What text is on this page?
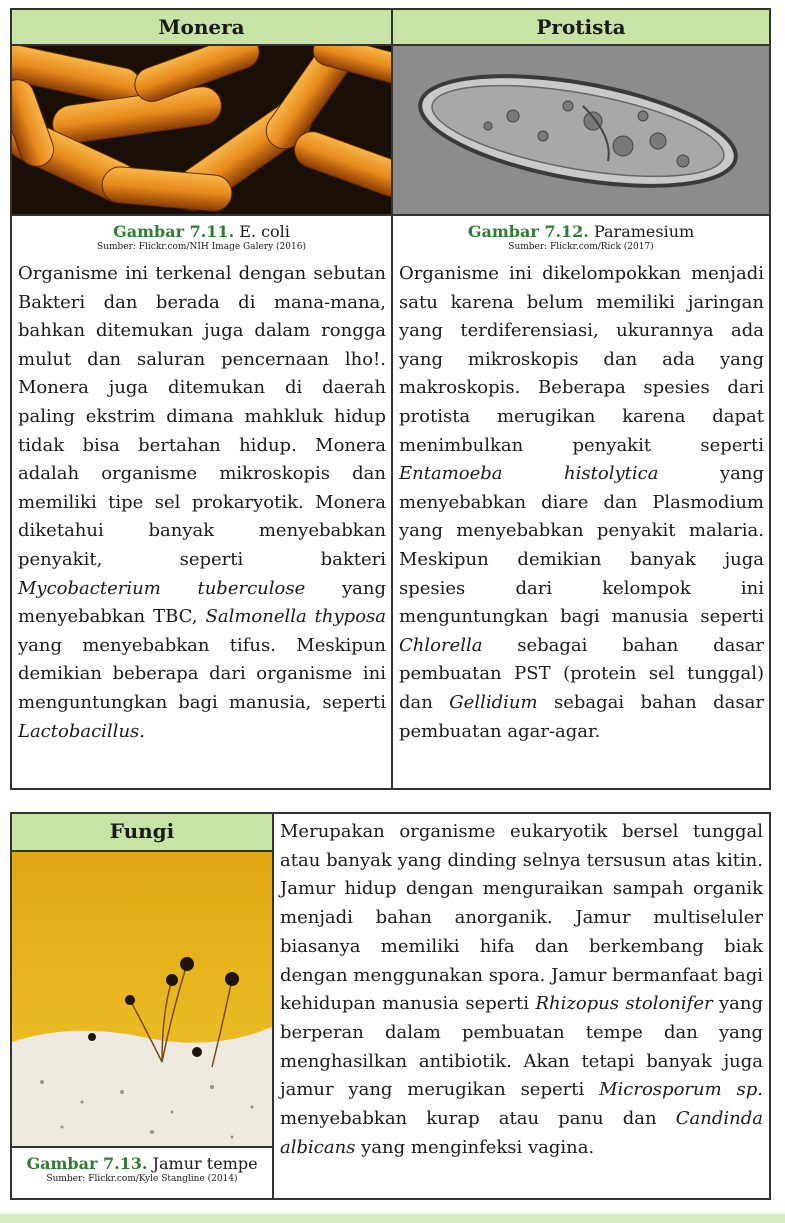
Monera
Gambar 7.11. E. coli
Sumber: Flickr.com/NIH Image Galery (2016)
Organisme ini terkenal dengan sebutan Bakteri dan berada di mana-mana, bahkan ditemukan juga dalam rongga mulut dan saluran pencernaan lho!. Monera juga ditemukan di daerah paling ekstrim dimana mahkluk hidup tidak bisa bertahan hidup. Monera adalah organisme mikroskopis dan memiliki tipe sel prokaryotik. Monera diketahui banyak menyebabkan penyakit, seperti bakteri Mycobacterium tuberculose yang menyebabkan TBC, Salmonella thyposa yang menyebabkan tifus. Meskipun demikian beberapa dari organisme ini menguntungkan bagi manusia, seperti Lactobacillus.
Protista
Gambar 7.12. Paramesium
Sumber: Flickr.com/Rick (2017)
Organisme ini dikelompokkan menjadi satu karena belum memiliki jaringan yang terdiferensiasi, ukurannya ada yang mikroskopis dan ada yang makroskopis. Beberapa spesies dari protista merugikan karena dapat menimbulkan penyakit seperti Entamoeba histolytica yang menyebabkan diare dan Plasmodium yang menyebabkan penyakit malaria. Meskipun demikian banyak juga spesies dari kelompok ini menguntungkan bagi manusia seperti Chlorella sebagai bahan dasar pembuatan PST (protein sel tunggal) dan Gellidium sebagai bahan dasar pembuatan agar-agar.
Fungi
Gambar 7.13. Jamur tempe
Sumber: Flickr.com/Kyle Stangline (2014)
Merupakan organisme eukaryotik bersel tunggal atau banyak yang dinding selnya tersusun atas kitin. Jamur hidup dengan menguraikan sampah organik menjadi bahan anorganik. Jamur multiseluler biasanya memiliki hifa dan berkembang biak dengan menggunakan spora. Jamur bermanfaat bagi kehidupan manusia seperti Rhizopus stolonifer yang berperan dalam pembuatan tempe dan yang menghasilkan antibiotik. Akan tetapi banyak juga jamur yang merugikan seperti Microsporum sp. menyebabkan kurap atau panu dan Candinda albicans yang menginfeksi vagina.
